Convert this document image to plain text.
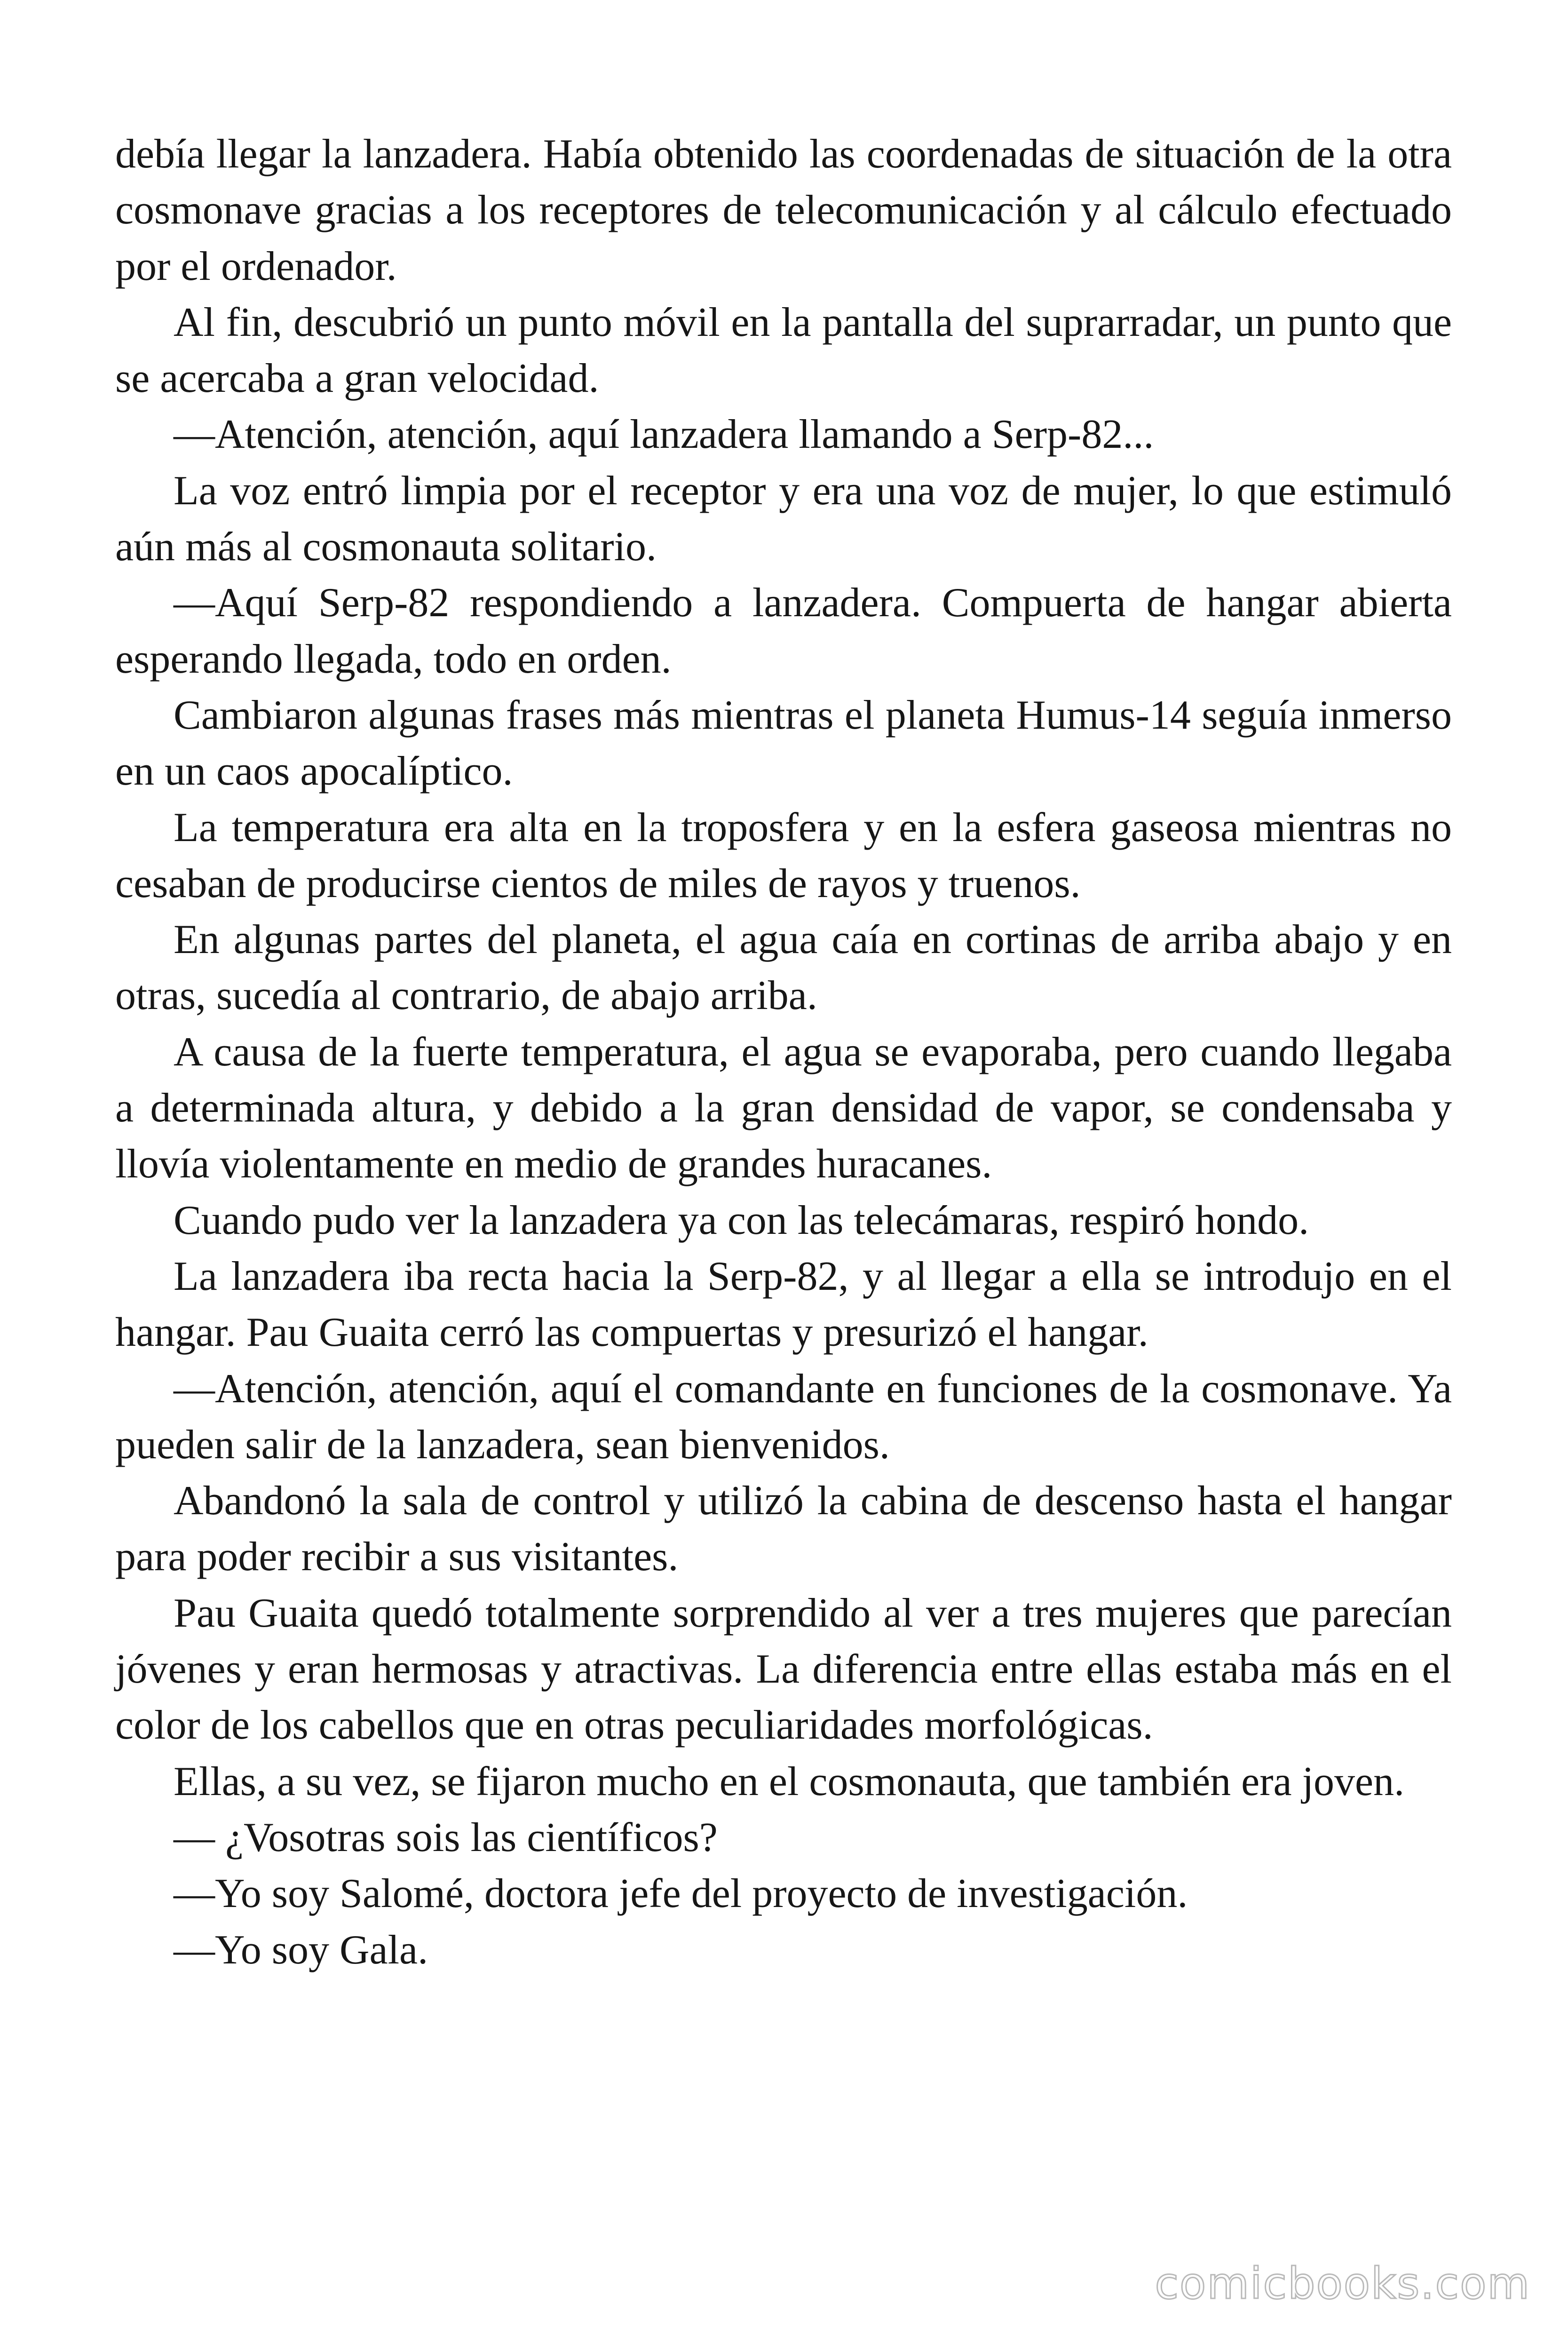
debía llegar la lanzadera. Había obtenido las coordenadas de situación de la otra cosmonave gracias a los receptores de telecomunicación y al cálculo efectuado por el ordenador.

Al fin, descubrió un punto móvil en la pantalla del suprarradar, un punto que se acercaba a gran velocidad.

—Atención, atención, aquí lanzadera llamando a Serp-82...

La voz entró limpia por el receptor y era una voz de mujer, lo que estimuló aún más al cosmonauta solitario.

—Aquí Serp-82 respondiendo a lanzadera. Compuerta de hangar abierta esperando llegada, todo en orden.

Cambiaron algunas frases más mientras el planeta Humus-14 seguía inmerso en un caos apocalíptico.

La temperatura era alta en la troposfera y en la esfera gaseosa mientras no cesaban de producirse cientos de miles de rayos y truenos.

En algunas partes del planeta, el agua caía en cortinas de arriba abajo y en otras, sucedía al contrario, de abajo arriba.

A causa de la fuerte temperatura, el agua se evaporaba, pero cuando llegaba a determinada altura, y debido a la gran densidad de vapor, se condensaba y llovía violentamente en medio de grandes huracanes.

Cuando pudo ver la lanzadera ya con las telecámaras, respiró hondo.

La lanzadera iba recta hacia la Serp-82, y al llegar a ella se introdujo en el hangar. Pau Guaita cerró las compuertas y presurizó el hangar.

—Atención, atención, aquí el comandante en funciones de la cosmonave. Ya pueden salir de la lanzadera, sean bienvenidos.

Abandonó la sala de control y utilizó la cabina de descenso hasta el hangar para poder recibir a sus visitantes.

Pau Guaita quedó totalmente sorprendido al ver a tres mujeres que parecían jóvenes y eran hermosas y atractivas. La diferencia entre ellas estaba más en el color de los cabellos que en otras peculiaridades morfológicas.

Ellas, a su vez, se fijaron mucho en el cosmonauta, que también era joven.

— ¿Vosotras sois las científicos?

—Yo soy Salomé, doctora jefe del proyecto de investigación.

—Yo soy Gala.

comicbooks.com
